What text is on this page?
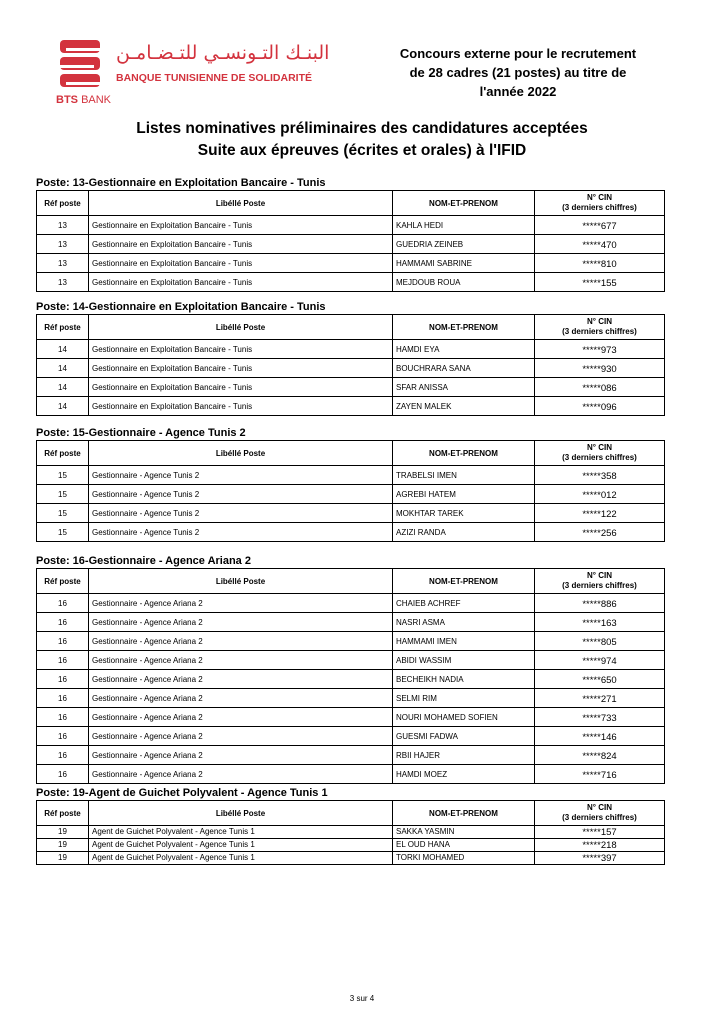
البنـك التـونسـي للتـضـامـن
BANQUE TUNISIENNE DE SOLIDARITÉ
BTS BANK
Concours externe pour le recrutement
de 28 cadres (21 postes) au titre de
l'année 2022
Listes nominatives préliminaires des candidatures acceptées
Suite aux épreuves (écrites et orales) à l'IFID
Poste: 13-Gestionnaire en Exploitation Bancaire - Tunis
Réf poste	Libéllé Poste	NOM-ET-PRENOM	N° CIN
(3 derniers chiffres)

13	Gestionnaire en Exploitation Bancaire - Tunis	KAHLA HEDI	*****677
13	Gestionnaire en Exploitation Bancaire - Tunis	GUEDRIA ZEINEB	*****470
13	Gestionnaire en Exploitation Bancaire - Tunis	HAMMAMI SABRINE	*****810
13	Gestionnaire en Exploitation Bancaire - Tunis	MEJDOUB ROUA	*****155
Poste: 14-Gestionnaire en Exploitation Bancaire - Tunis
Réf poste	Libéllé Poste	NOM-ET-PRENOM	N° CIN
(3 derniers chiffres)

14	Gestionnaire en Exploitation Bancaire - Tunis	HAMDI EYA	*****973
14	Gestionnaire en Exploitation Bancaire - Tunis	BOUCHRARA SANA	*****930
14	Gestionnaire en Exploitation Bancaire - Tunis	SFAR ANISSA	*****086
14	Gestionnaire en Exploitation Bancaire - Tunis	ZAYEN MALEK	*****096
Poste: 15-Gestionnaire - Agence Tunis 2
Réf poste	Libéllé Poste	NOM-ET-PRENOM	N° CIN
(3 derniers chiffres)

15	Gestionnaire - Agence Tunis 2	TRABELSI IMEN	*****358
15	Gestionnaire - Agence Tunis 2	AGREBI HATEM	*****012
15	Gestionnaire - Agence Tunis 2	MOKHTAR TAREK	*****122
15	Gestionnaire - Agence Tunis 2	AZIZI RANDA	*****256
Poste: 16-Gestionnaire - Agence Ariana 2
Réf poste	Libéllé Poste	NOM-ET-PRENOM	N° CIN
(3 derniers chiffres)

16	Gestionnaire - Agence Ariana 2	CHAIEB ACHREF	*****886
16	Gestionnaire - Agence Ariana 2	NASRI ASMA	*****163
16	Gestionnaire - Agence Ariana 2	HAMMAMI IMEN	*****805
16	Gestionnaire - Agence Ariana 2	ABIDI WASSIM	*****974
16	Gestionnaire - Agence Ariana 2	BECHEIKH NADIA	*****650
16	Gestionnaire - Agence Ariana 2	SELMI RIM	*****271
16	Gestionnaire - Agence Ariana 2	NOURI MOHAMED SOFIEN	*****733
16	Gestionnaire - Agence Ariana 2	GUESMI FADWA	*****146
16	Gestionnaire - Agence Ariana 2	RBII HAJER	*****824
16	Gestionnaire - Agence Ariana 2	HAMDI MOEZ	*****716
Poste: 19-Agent de Guichet Polyvalent - Agence Tunis 1
Réf poste	Libéllé Poste	NOM-ET-PRENOM	N° CIN
(3 derniers chiffres)

19	Agent de Guichet Polyvalent - Agence Tunis 1	SAKKA YASMIN	*****157
19	Agent de Guichet Polyvalent - Agence Tunis 1	EL OUD HANA	*****218
19	Agent de Guichet Polyvalent - Agence Tunis 1	TORKI MOHAMED	*****397
3 sur 4
